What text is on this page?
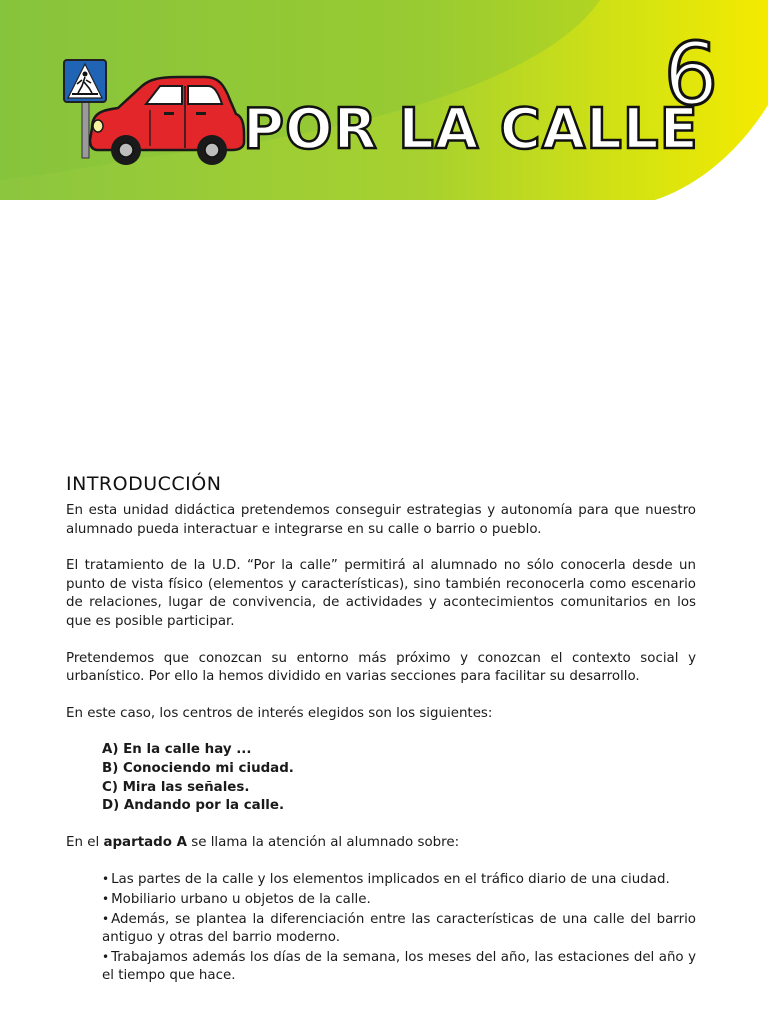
6
POR LA CALLE
INTRODUCCIÓN

En esta unidad didáctica pretendemos conseguir estrategias y autonomía para que nuestro alumnado pueda interactuar e integrarse en su calle o barrio o pueblo.

El tratamiento de la U.D. “Por la calle” permitirá al alumnado no sólo conocerla desde un punto de vista físico (elementos y características), sino también reconocerla como escenario de relaciones, lugar de convivencia, de actividades y acontecimientos comunitarios en los que es posible participar.

Pretendemos que conozcan su entorno más próximo y conozcan el contexto social y urbanístico. Por ello la hemos dividido en varias secciones para facilitar su desarrollo.

En este caso, los centros de interés elegidos son los siguientes:

A) En la calle hay ...
B) Conociendo mi ciudad.
C) Mira las señales.
D) Andando por la calle.

En el apartado A se llama la atención al alumnado sobre:

• Las partes de la calle y los elementos implicados en el tráfico diario de una ciudad.
• Mobiliario urbano u objetos de la calle.
• Además, se plantea la diferenciación entre las características de una calle del barrio antiguo y otras del barrio moderno.
• Trabajamos además los días de la semana, los meses del año, las estaciones del año y el tiempo que hace.
